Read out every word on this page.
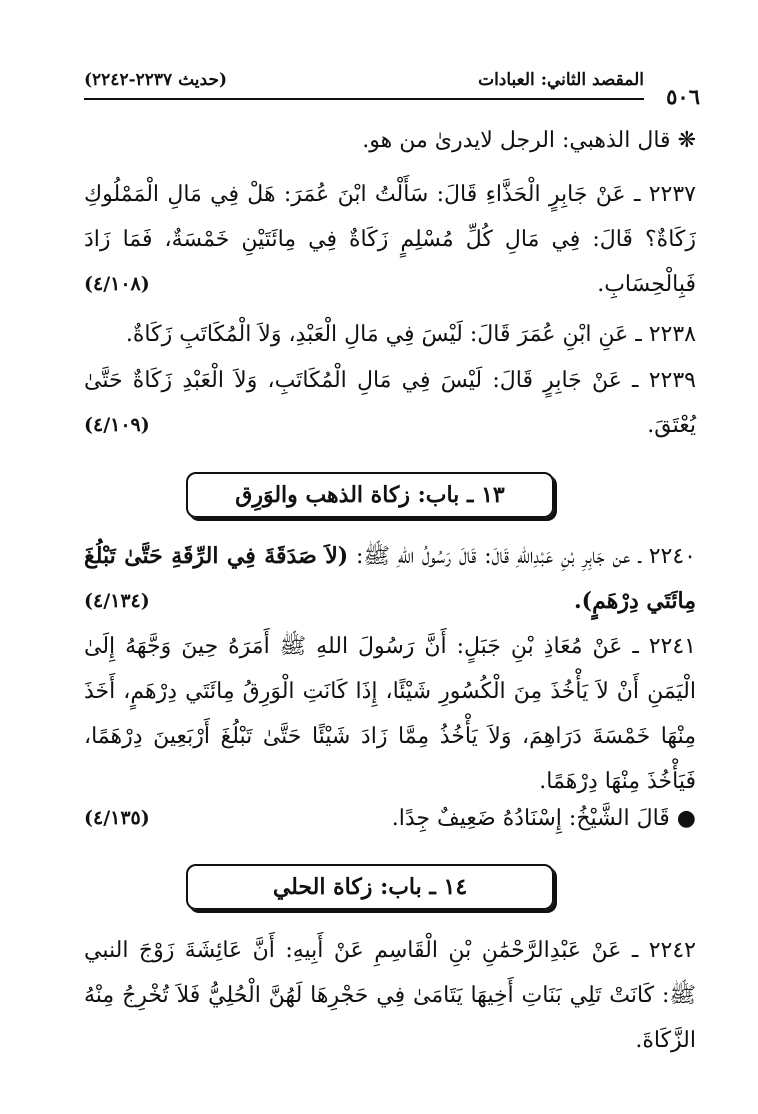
٥٠٦
المقصد الثاني: العبادات
(حديث ٢٢٣٧-٢٢٤٢)

❋ قال الذهبي: الرجل لايدرىٰ من هو.

٢٢٣٧ ـ عَنْ جَابِرٍ الْحَذَّاءِ قَالَ: سَأَلْتُ ابْنَ عُمَرَ: هَلْ فِي مَالِ الْمَمْلُوكِ زَكَاةٌ؟ قَالَ: فِي مَالِ كُلِّ مُسْلِمٍ زَكَاةٌ فِي مِائَتَيْنِ خَمْسَةٌ، فَمَا زَادَ فَبِالْحِسَابِ.

(٤/١٠٨)

٢٢٣٨ ـ عَنِ ابْنِ عُمَرَ قَالَ: لَيْسَ فِي مَالِ الْعَبْدِ، وَلاَ الْمُكَاتَبِ زَكَاةٌ.

٢٢٣٩ ـ عَنْ جَابِرٍ قَالَ: لَيْسَ فِي مَالِ الْمُكَاتَبِ، وَلاَ الْعَبْدِ زَكَاةٌ حَتَّىٰ يُعْتَقَ.

(٤/١٠٩)
١٣ ـ باب: زكاة الذهب والوَرِق

٢٢٤٠ ـ عن جَابِرِ بْنِ عَبْدِاللهِ قَالَ: قَالَ رَسُولُ اللهِ ﷺ: (لاَ صَدَقَةَ فِي الرِّقَةِ حَتَّىٰ تَبْلُغَ مِائَتَي دِرْهَمٍ).

(٤/١٣٤)

٢٢٤١ ـ عَنْ مُعَاذِ بْنِ جَبَلٍ: أَنَّ رَسُولَ اللهِ ﷺ أَمَرَهُ حِينَ وَجَّهَهُ إِلَىٰ الْيَمَنِ أَنْ لاَ يَأْخُذَ مِنَ الْكُسُورِ شَيْئًا، إِذَا كَانَتِ الْوَرِقُ مِائَتَي دِرْهَمٍ، أَخَذَ مِنْهَا خَمْسَةَ دَرَاهِمَ، وَلاَ يَأْخُذُ مِمَّا زَادَ شَيْئًا حَتَّىٰ تَبْلُغَ أَرْبَعِينَ دِرْهَمًا، فَيَأْخُذَ مِنْهَا دِرْهَمًا.

● قَالَ الشَّيْخُ: إِسْنَادُهُ ضَعِيفٌ جِدًا.

(٤/١٣٥)
١٤ ـ باب: زكاة الحلي

٢٢٤٢ ـ عَنْ عَبْدِالرَّحْمَٰنِ بْنِ الْقَاسِمِ عَنْ أَبِيهِ: أَنَّ عَائِشَةَ زَوْجَ النبي ﷺ: كَانَتْ تَلِي بَنَاتِ أَخِيهَا يَتَامَىٰ فِي حَجْرِهَا لَهُنَّ الْحُلِيُّ فَلاَ تُخْرِجُ مِنْهُ الزَّكَاةَ.
